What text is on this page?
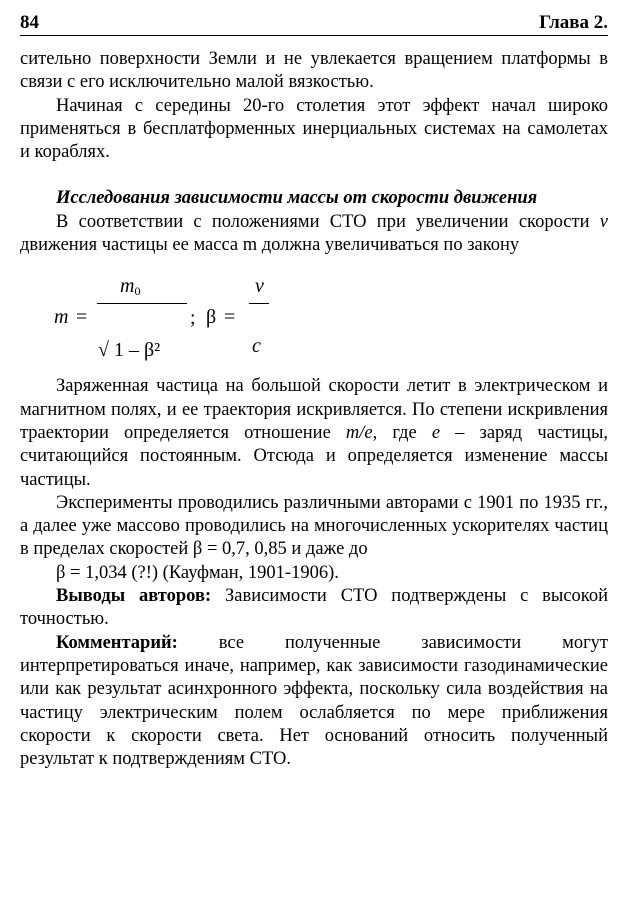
84	Глава 2.

сительно поверхности Земли и не увлекается вращением платформы в связи с его исключительно малой вязкостью.

Начиная с середины 20-го столетия этот эффект начал широко применяться в бесплатформенных инерциальных системах на самолетах и кораблях.

Исследования зависимости массы от скорости движения

В соответствии с положениями СТО при увеличении скорости v движения частицы ее масса m должна увеличиваться по закону

m =
$m_0$
√ 1 – β²
; β =
v
c

Заряженная частица на большой скорости летит в электрическом и магнитном полях, и ее траектория искривляется. По степени искривления траектории определяется отношение m/e, где e – заряд частицы, считающийся постоянным. Отсюда и определяется изменение массы частицы.

Эксперименты проводились различными авторами с 1901 по 1935 гг., а далее уже массово проводились на многочисленных ускорителях частиц в пределах скоростей β = 0,7, 0,85 и даже до

β = 1,034 (?!) (Кауфман, 1901-1906).

Выводы авторов: Зависимости СТО подтверждены с высокой точностью.

Комментарий: все полученные зависимости могут интерпретироваться иначе, например, как зависимости газодинамические или как результат асинхронного эффекта, поскольку сила воздействия на частицу электрическим полем ослабляется по мере приближения скорости к скорости света. Нет оснований относить полученный результат к подтверждениям СТО.
